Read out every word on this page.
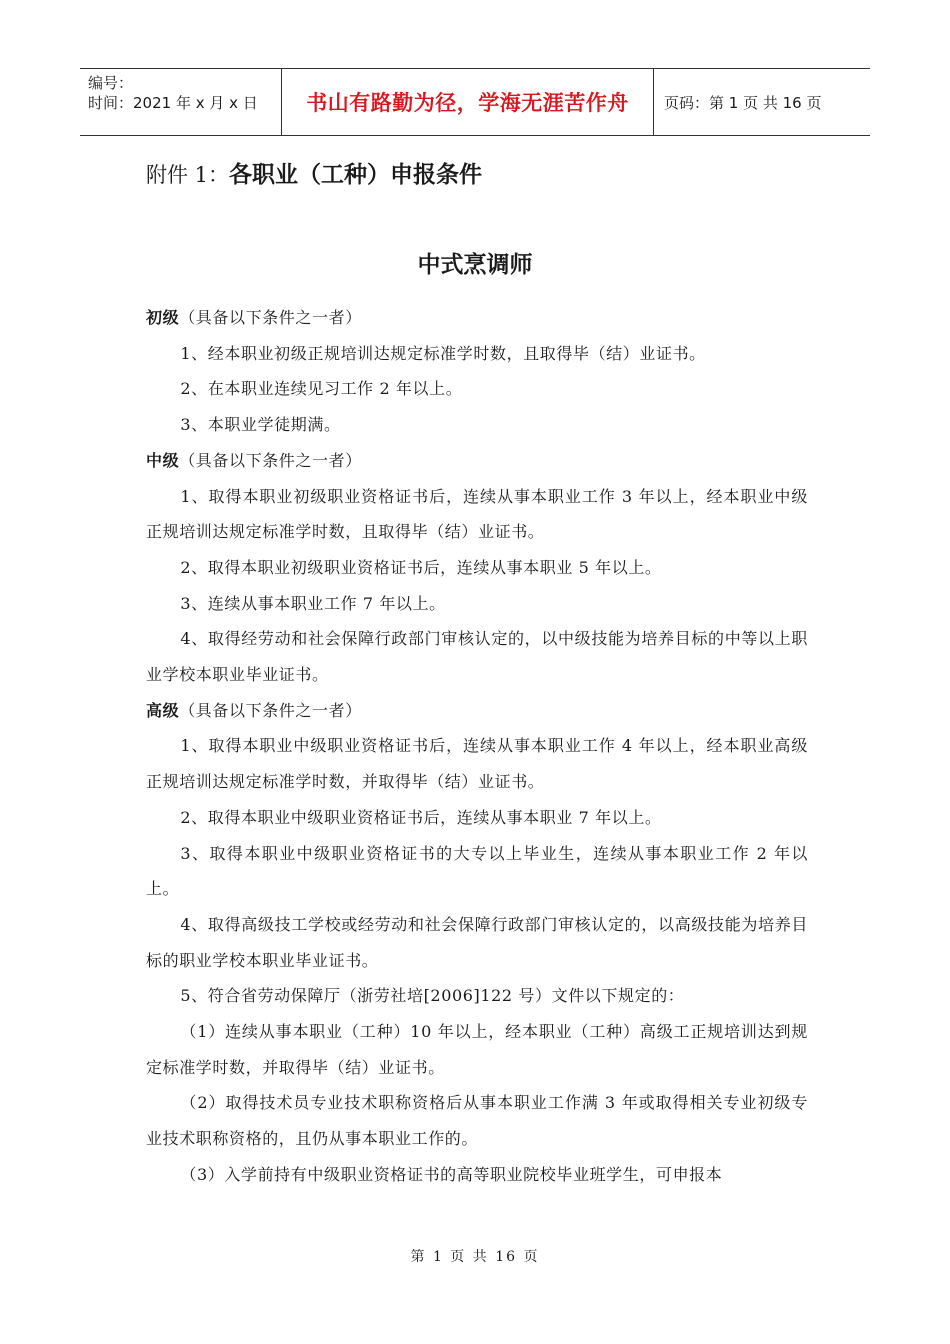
编号：
时间：2021 年 x 月 x 日	书山有路勤为径，学海无涯苦作舟	页码：第 1 页 共 16 页
附件 1：各职业（工种）申报条件
中式烹调师

初级（具备以下条件之一者）

1、经本职业初级正规培训达规定标准学时数，且取得毕（结）业证书。

2、在本职业连续见习工作 2 年以上。

3、本职业学徒期满。

中级（具备以下条件之一者）

1、取得本职业初级职业资格证书后，连续从事本职业工作 3 年以上，经本职业中级正规培训达规定标准学时数，且取得毕（结）业证书。

2、取得本职业初级职业资格证书后，连续从事本职业 5 年以上。

3、连续从事本职业工作 7 年以上。

4、取得经劳动和社会保障行政部门审核认定的，以中级技能为培养目标的中等以上职业学校本职业毕业证书。

高级（具备以下条件之一者）

1、取得本职业中级职业资格证书后，连续从事本职业工作 4 年以上，经本职业高级正规培训达规定标准学时数，并取得毕（结）业证书。

2、取得本职业中级职业资格证书后，连续从事本职业 7 年以上。

3、取得本职业中级职业资格证书的大专以上毕业生，连续从事本职业工作 2 年以上。

4、取得高级技工学校或经劳动和社会保障行政部门审核认定的，以高级技能为培养目标的职业学校本职业毕业证书。

5、符合省劳动保障厅（浙劳社培[2006]122 号）文件以下规定的：

（1）连续从事本职业（工种）10 年以上，经本职业（工种）高级工正规培训达到规定标准学时数，并取得毕（结）业证书。

（2）取得技术员专业技术职称资格后从事本职业工作满 3 年或取得相关专业初级专业技术职称资格的，且仍从事本职业工作的。

（3）入学前持有中级职业资格证书的高等职业院校毕业班学生，可申报本

第 1 页 共 16 页
